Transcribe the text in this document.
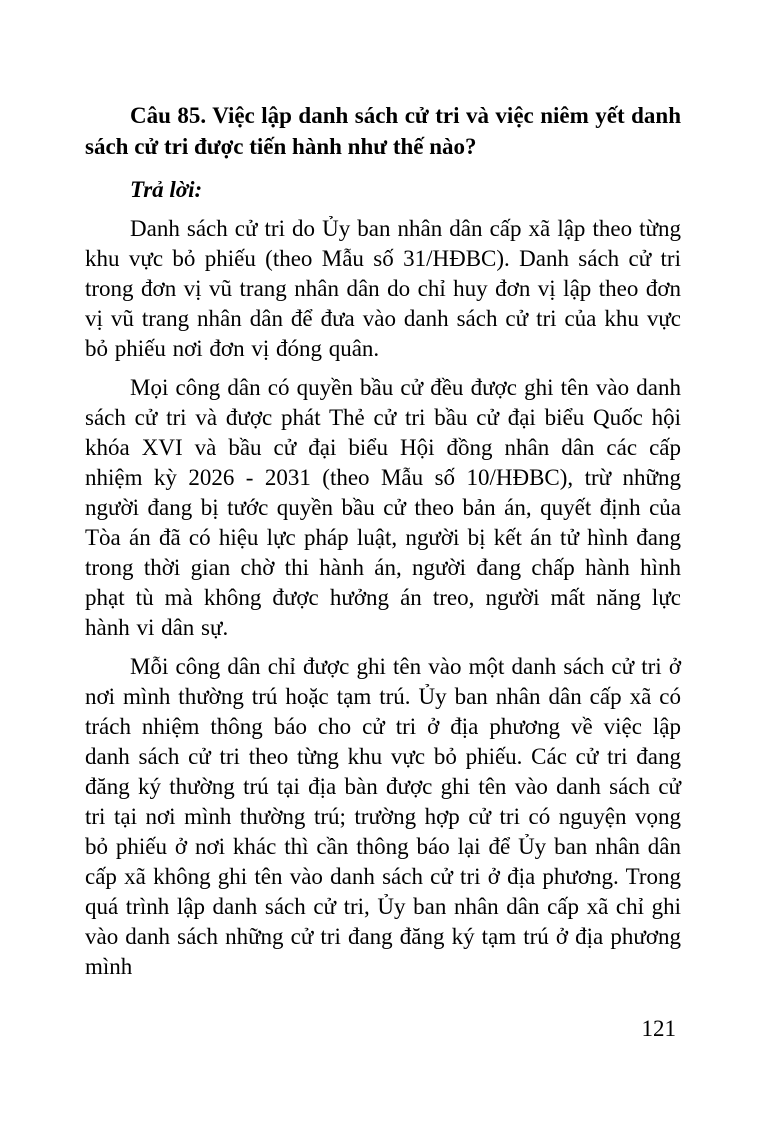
Câu 85. Việc lập danh sách cử tri và việc niêm yết danh sách cử tri được tiến hành như thế nào?

Trả lời:

Danh sách cử tri do Ủy ban nhân dân cấp xã lập theo từng khu vực bỏ phiếu (theo Mẫu số 31/HĐBC). Danh sách cử tri trong đơn vị vũ trang nhân dân do chỉ huy đơn vị lập theo đơn vị vũ trang nhân dân để đưa vào danh sách cử tri của khu vực bỏ phiếu nơi đơn vị đóng quân.

Mọi công dân có quyền bầu cử đều được ghi tên vào danh sách cử tri và được phát Thẻ cử tri bầu cử đại biểu Quốc hội khóa XVI và bầu cử đại biểu Hội đồng nhân dân các cấp nhiệm kỳ 2026 - 2031 (theo Mẫu số 10/HĐBC), trừ những người đang bị tước quyền bầu cử theo bản án, quyết định của Tòa án đã có hiệu lực pháp luật, người bị kết án tử hình đang trong thời gian chờ thi hành án, người đang chấp hành hình phạt tù mà không được hưởng án treo, người mất năng lực hành vi dân sự.

Mỗi công dân chỉ được ghi tên vào một danh sách cử tri ở nơi mình thường trú hoặc tạm trú. Ủy ban nhân dân cấp xã có trách nhiệm thông báo cho cử tri ở địa phương về việc lập danh sách cử tri theo từng khu vực bỏ phiếu. Các cử tri đang đăng ký thường trú tại địa bàn được ghi tên vào danh sách cử tri tại nơi mình thường trú; trường hợp cử tri có nguyện vọng bỏ phiếu ở nơi khác thì cần thông báo lại để Ủy ban nhân dân cấp xã không ghi tên vào danh sách cử tri ở địa phương. Trong quá trình lập danh sách cử tri, Ủy ban nhân dân cấp xã chỉ ghi vào danh sách những cử tri đang đăng ký tạm trú ở địa phương mình

121
